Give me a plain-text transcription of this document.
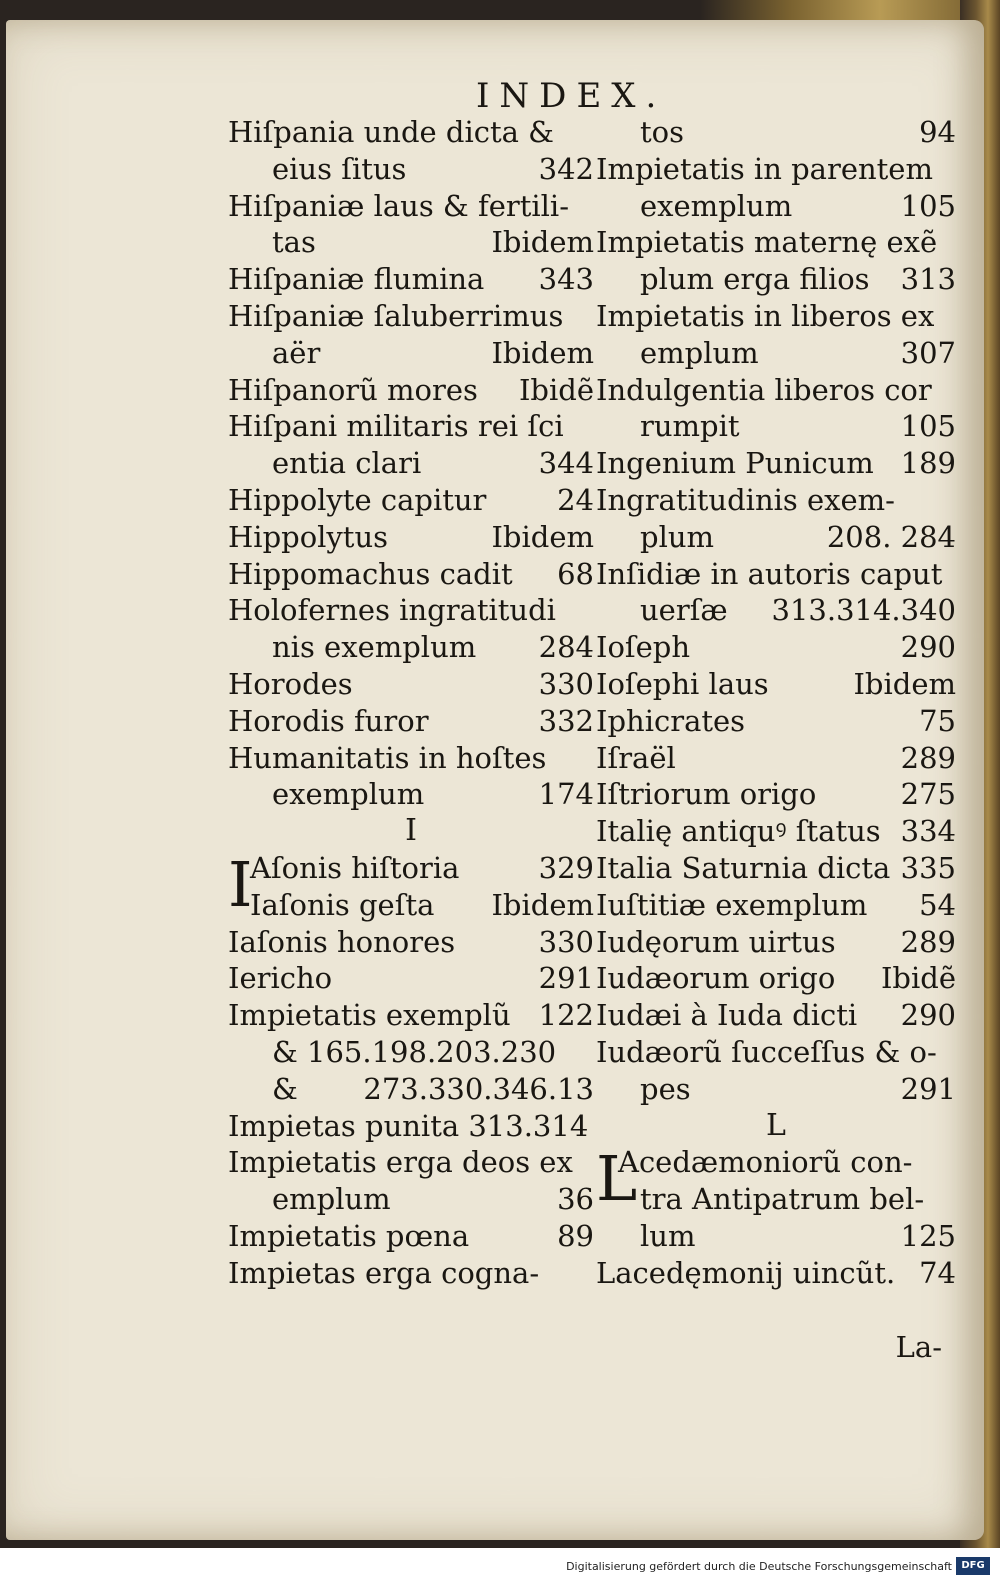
INDEX.
Hiſpania unde dicta &
eius ſitus	342
Hiſpaniæ laus & fertili-
tas	Ibidem
Hiſpaniæ flumina 343
Hiſpaniæ ſaluberrimus
aër	Ibidem
Hiſpanorũ mores Ibidẽ
Hiſpani militaris rei ſci
entia clari	344
Hippolyte capitur 24
Hippolytus	Ibidem
Hippomachus cadit 68
Holofernes ingratitudi
nis exemplum 284
Horodes	330
Horodis furor	332
Humanitatis in hoſtes
exemplum	174
I
I
Aſonis hiſtoria	329
Iaſonis geſta Ibidem
Iaſonis honores	330
Iericho	291
Impietatis exemplũ 122
& 165.198.203.230
& 273.330.346.13
Impietas punita 313.314
Impietatis erga deos ex
emplum	36
Impietatis pœna	89
Impietas erga cogna-
tos	94
Impietatis in parentem
exemplum	105
Impietatis maternę exẽ
plum erga filios 313
Impietatis in liberos ex
emplum	307
Indulgentia liberos cor
rumpit	105
Ingenium Punicum 189
Ingratitudinis exem-
plum	208. 284
Inſidiæ in autoris caput
uerſæ 313.314.340
Ioſeph	290
Ioſephi laus	Ibidem
Iphicrates	75
Iſraël	289
Iſtriorum origo	275
Italię antiquꝰ ſtatus 334
Italia Saturnia dicta 335
Iuſtitiæ exemplum 54
Iudęorum uirtus 289
Iudæorum origo Ibidẽ
Iudæi à Iuda dicti 290
Iudæorũ ſucceſſus & o-
pes	291
L
L
Acedæmoniorũ con-
tra Antipatrum bel-
lum	125
Lacedęmonij uincũt. 74
La-
Digitalisierung gefördert durch die Deutsche Forschungsgemeinschaft DFG
